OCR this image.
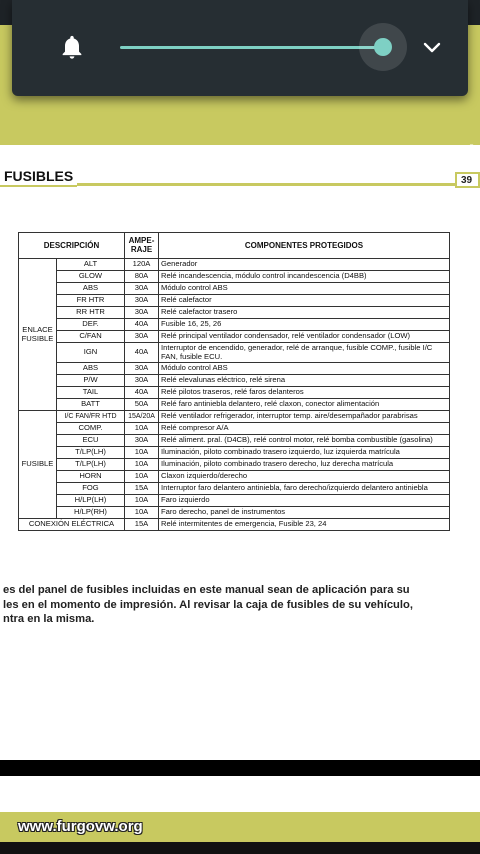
EN CASO DE EMERGENCIA 4
FUSIBLES	39
DESCRIPCIÓN		AMPE-
RAJE	COMPONENTES PROTEGIDOS
ENLACE
FUSIBLE	ALT	120A	Generador
	GLOW	80A	Relé incandescencia, módulo control incandescencia (D4BB)
	ABS	30A	Módulo control ABS
	FR HTR	30A	Relé calefactor
	RR HTR	30A	Relé calefactor trasero
	DEF.	40A	Fusible 16, 25, 26
	C/FAN	30A	Relé principal ventilador condensador, relé ventilador condensador (LOW)
	IGN	40A	Interruptor de encendido, generador, relé de arranque, fusible COMP., fusible I/C FAN, fusible ECU.
	ABS	30A	Módulo control ABS
	P/W	30A	Relé elevalunas eléctrico, relé sirena
	TAIL	40A	Relé pilotos traseros, relé faros delanteros
	BATT	50A	Relé faro antiniebla delantero, relé claxon, conector alimentación
FUSIBLE	I/C FAN/FR HTD	15A/20A	Relé ventilador refrigerador, interruptor temp. aire/desempañador parabrisas
	COMP.	10A	Relé compresor A/A
	ECU	30A	Relé aliment. pral. (D4CB), relé control motor, relé bomba combustible (gasolina)
	T/LP(LH)	10A	Iluminación, piloto combinado trasero izquierdo, luz izquierda matrícula
	T/LP(LH)	10A	Iluminación, piloto combinado trasero derecho, luz derecha matrícula
	HORN	10A	Claxon izquierdo/derecho
	FOG	15A	Interruptor faro delantero antiniebla, faro derecho/izquierdo delantero antiniebla
	H/LP(LH)	10A	Faro izquierdo
	H/LP(RH)	10A	Faro derecho, panel de instrumentos
CONEXIÓN ELÉCTRICA		15A	Relé intermitentes de emergencia, Fusible 23, 24
es del panel de fusibles incluidas en este manual sean de aplicación para su
les en el momento de impresión. Al revisar la caja de fusibles de su vehículo,
ntra en la misma.
www.furgovw.org
